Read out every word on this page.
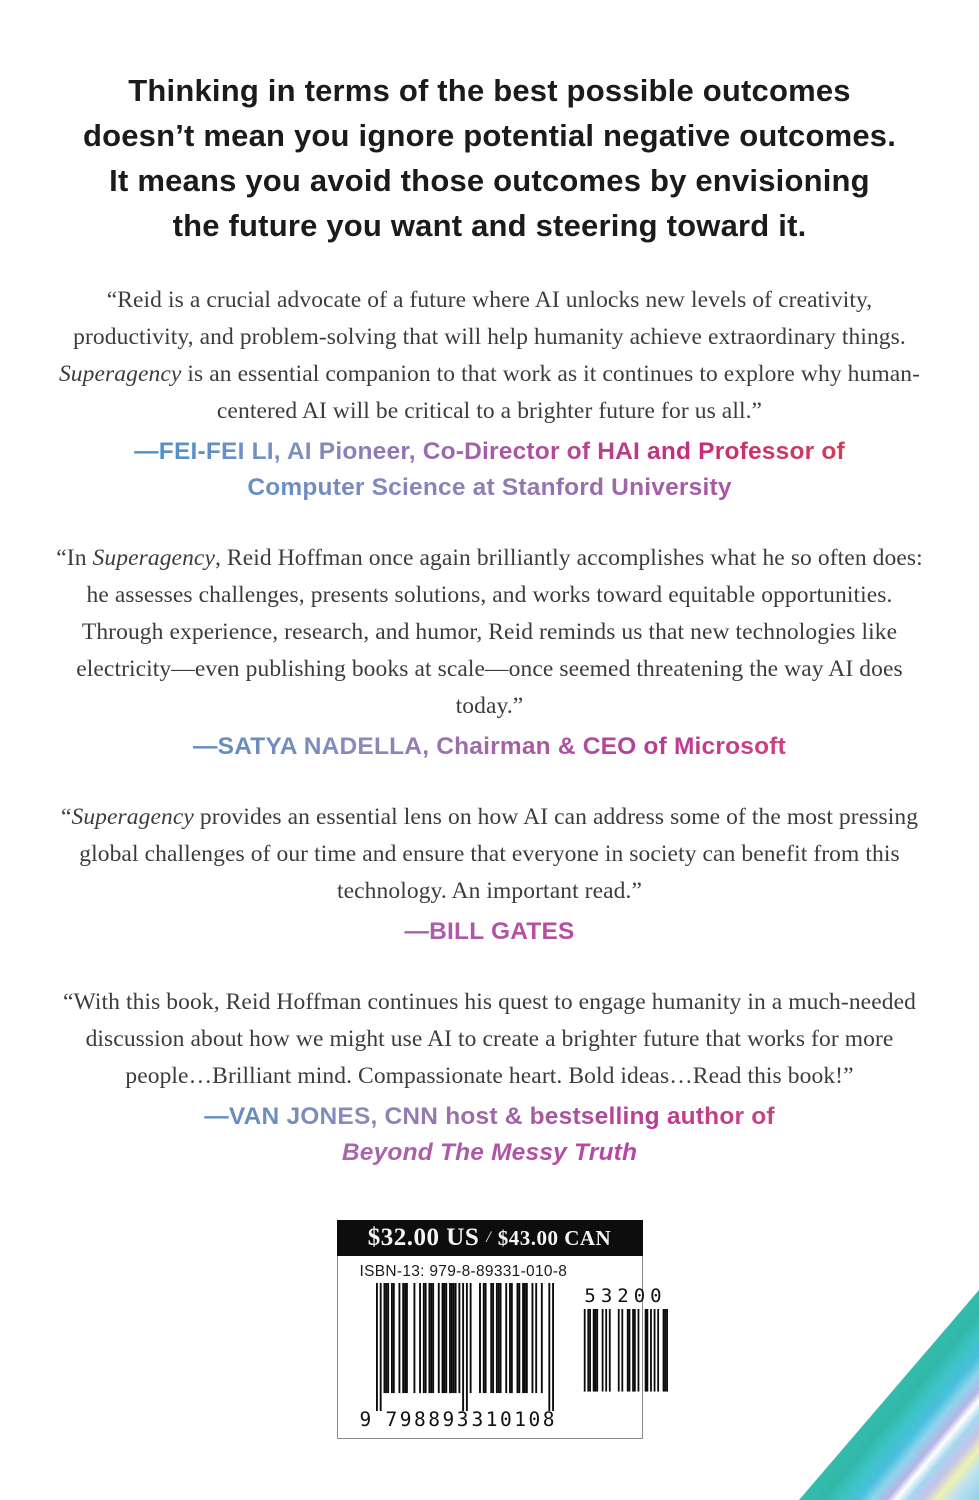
Thinking in terms of the best possible outcomes
doesn’t mean you ignore potential negative outcomes.
It means you avoid those outcomes by envisioning
the future you want and steering toward it.

“Reid is a crucial advocate of a future where AI unlocks new levels of creativity, productivity, and problem-solving that will help humanity achieve extraordinary things. Superagency is an essential companion to that work as it continues to explore why human-centered AI will be critical to a brighter future for us all.”

—FEI-FEI LI, AI Pioneer, Co-Director of HAI and Professor of
Computer Science at Stanford University

“In Superagency, Reid Hoffman once again brilliantly accomplishes what he so often does: he assesses challenges, presents solutions, and works toward equitable opportunities. Through experience, research, and humor, Reid reminds us that new technologies like electricity—even publishing books at scale—once seemed threatening the way AI does today.”

—SATYA NADELLA, Chairman & CEO of Microsoft

“Superagency provides an essential lens on how AI can address some of the most pressing global challenges of our time and ensure that everyone in society can benefit from this technology. An important read.”

—BILL GATES

“With this book, Reid Hoffman continues his quest to engage humanity in a much-needed discussion about how we might use AI to create a brighter future that works for more people…Brilliant mind. Compassionate heart. Bold ideas…Read this book!”

—VAN JONES, CNN host & bestselling author of
Beyond The Messy Truth
$32.00 US / $43.00 CAN
ISBN-13: 979-8-89331-010-8
9 798893 310108
53200
